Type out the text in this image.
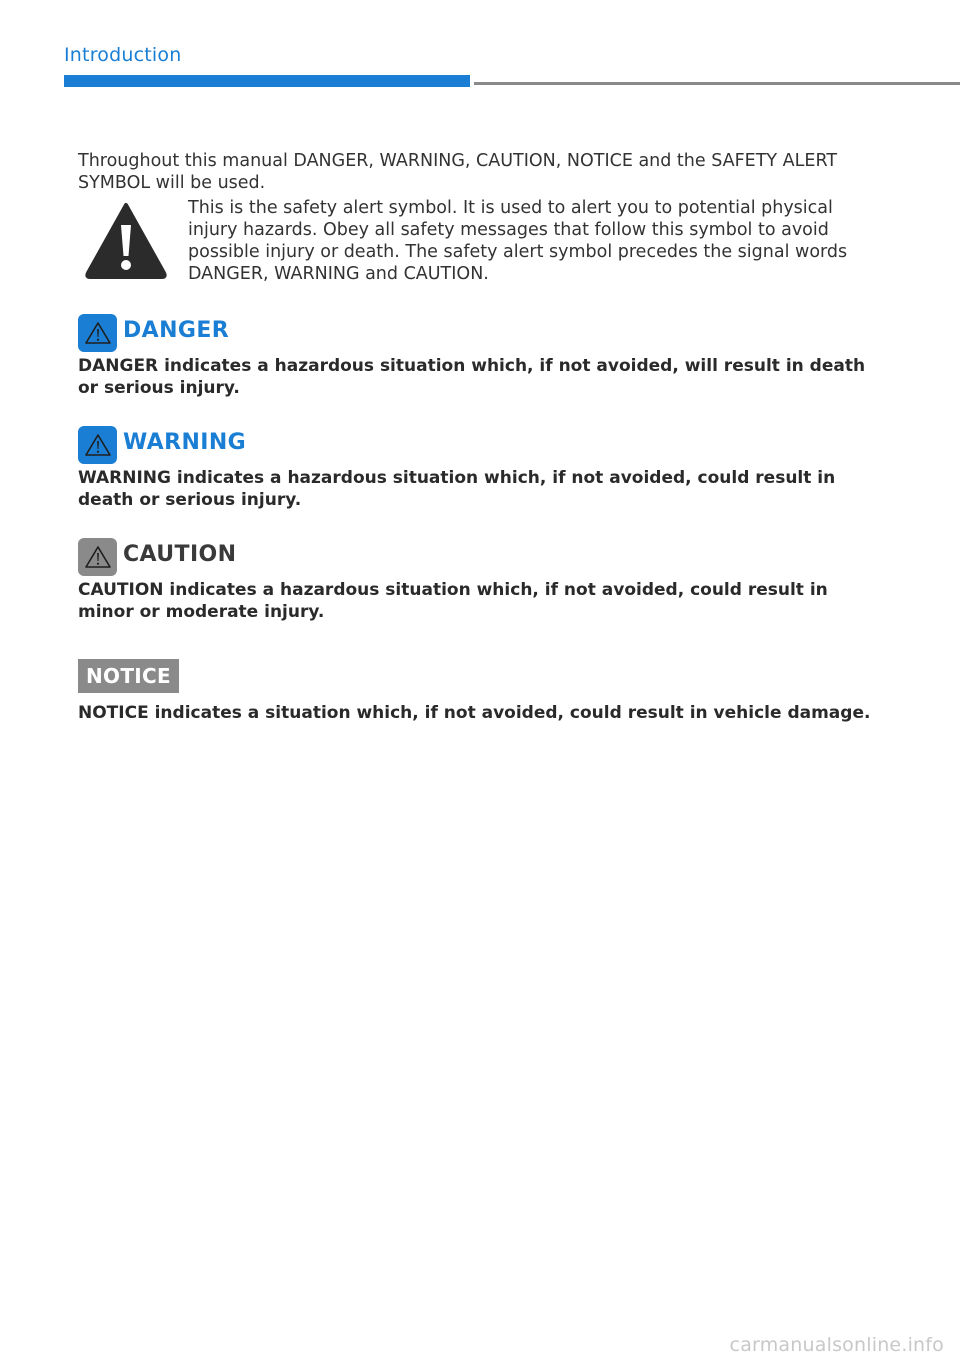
Introduction
Throughout this manual DANGER, WARNING, CAUTION, NOTICE and the SAFETY ALERT SYMBOL will be used.
This is the safety alert symbol. It is used to alert you to potential physical injury hazards. Obey all safety messages that follow this symbol to avoid possible injury or death. The safety alert symbol precedes the signal words DANGER, WARNING and CAUTION.
DANGER
DANGER indicates a hazardous situation which, if not avoided, will result in death or serious injury.
WARNING
WARNING indicates a hazardous situation which, if not avoided, could result in death or serious injury.
CAUTION
CAUTION indicates a hazardous situation which, if not avoided, could result in minor or moderate injury.
NOTICE
NOTICE indicates a situation which, if not avoided, could result in vehicle damage.
carmanualsonline.info
